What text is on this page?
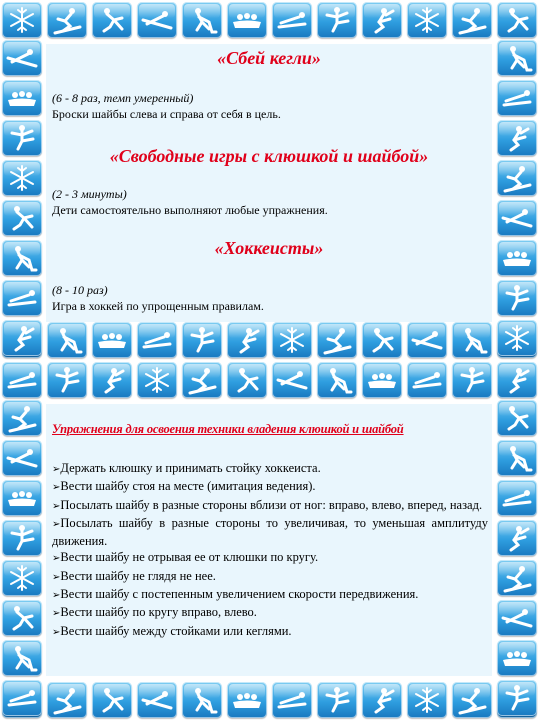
«Сбей кегли»
(6 - 8 раз, темп умеренный)
Броски шайбы слева и справа от себя в цель.
«Свободные игры с клюшкой и шайбой»
(2 - 3 минуты)
Дети самостоятельно выполняют любые упражнения.
«Хоккеисты»
(8 - 10 раз)
Игра в хоккей по упрощенным правилам.
Упражнения для освоения техники владения клюшкой и шайбой
➢Держать клюшку и принимать стойку хоккеиста.
➢Вести шайбу стоя на месте (имитация ведения).
➢Посылать шайбу в разные стороны вблизи от ног: вправо, влево, вперед, назад.
➢Посылать шайбу в разные стороны то увеличивая, то уменьшая амплитуду движения.
➢Вести шайбу не отрывая ее от клюшки по кругу.
➢Вести шайбу не глядя не нее.
➢Вести шайбу с постепенным увеличением скорости передвижения.
➢Вести шайбу по кругу вправо, влево.
➢Вести шайбу между стойками или кеглями.
